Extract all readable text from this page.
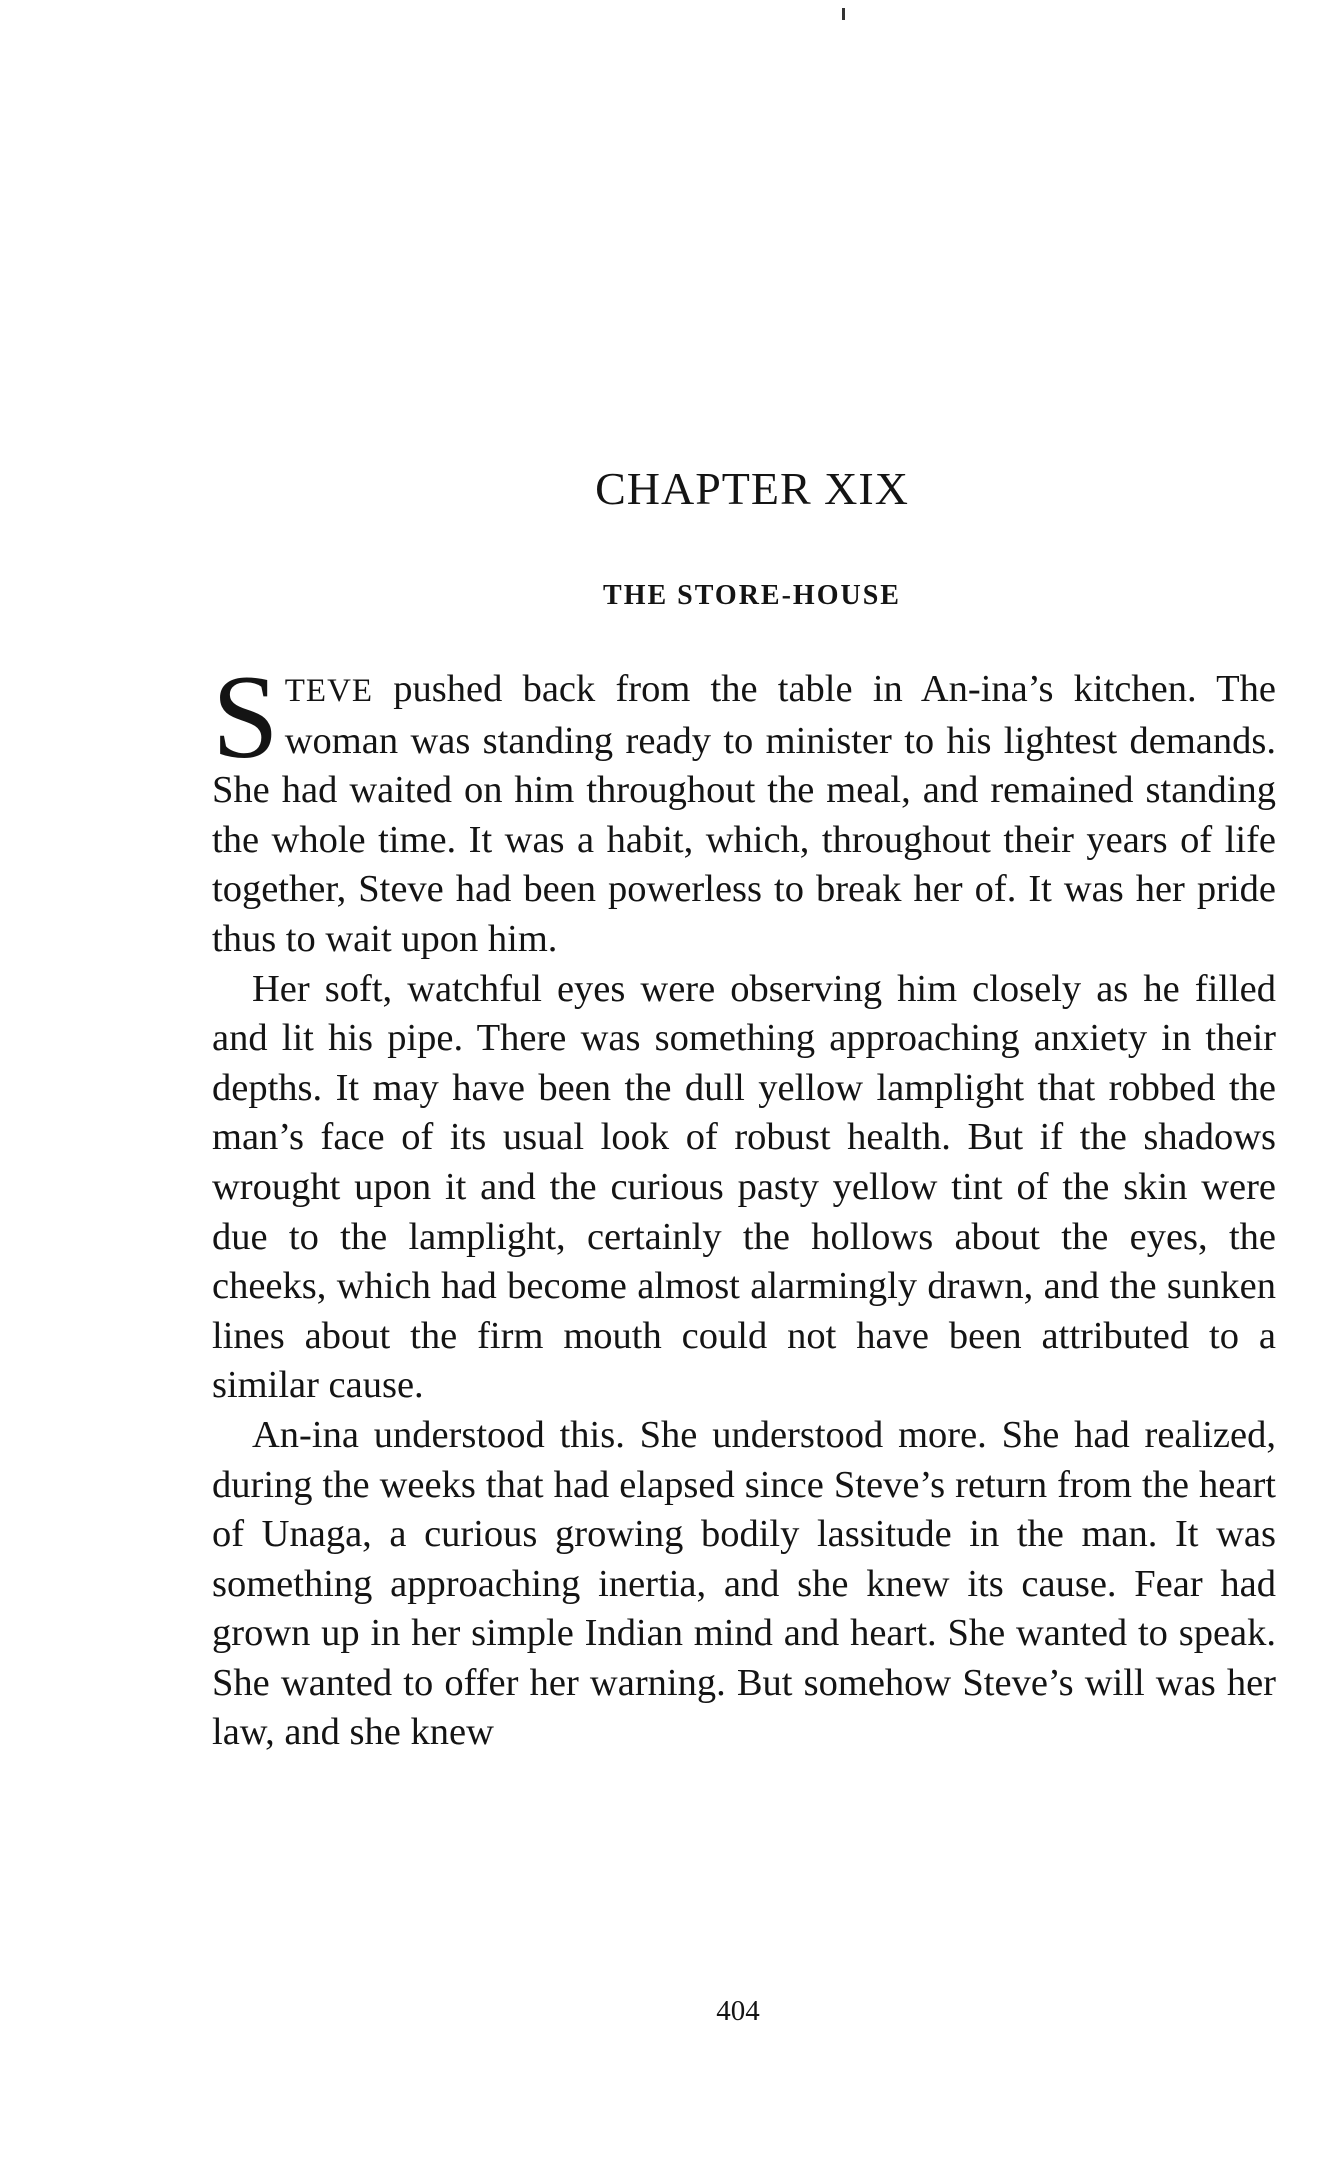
CHAPTER XIX
THE STORE-HOUSE

STEVE pushed back from the table in An-ina’s kitchen. The woman was standing ready to minister to his lightest demands. She had waited on him throughout the meal, and remained standing the whole time. It was a habit, which, throughout their years of life together, Steve had been powerless to break her of. It was her pride thus to wait upon him.

Her soft, watchful eyes were observing him closely as he filled and lit his pipe. There was something approaching anxiety in their depths. It may have been the dull yellow lamplight that robbed the man’s face of its usual look of robust health. But if the shadows wrought upon it and the curious pasty yellow tint of the skin were due to the lamplight, certainly the hollows about the eyes, the cheeks, which had become almost alarmingly drawn, and the sunken lines about the firm mouth could not have been attributed to a similar cause.

An-ina understood this. She understood more. She had realized, during the weeks that had elapsed since Steve’s return from the heart of Unaga, a curious growing bodily lassitude in the man. It was something approaching inertia, and she knew its cause. Fear had grown up in her simple Indian mind and heart. She wanted to speak. She wanted to offer her warning. But somehow Steve’s will was her law, and she knew

404
